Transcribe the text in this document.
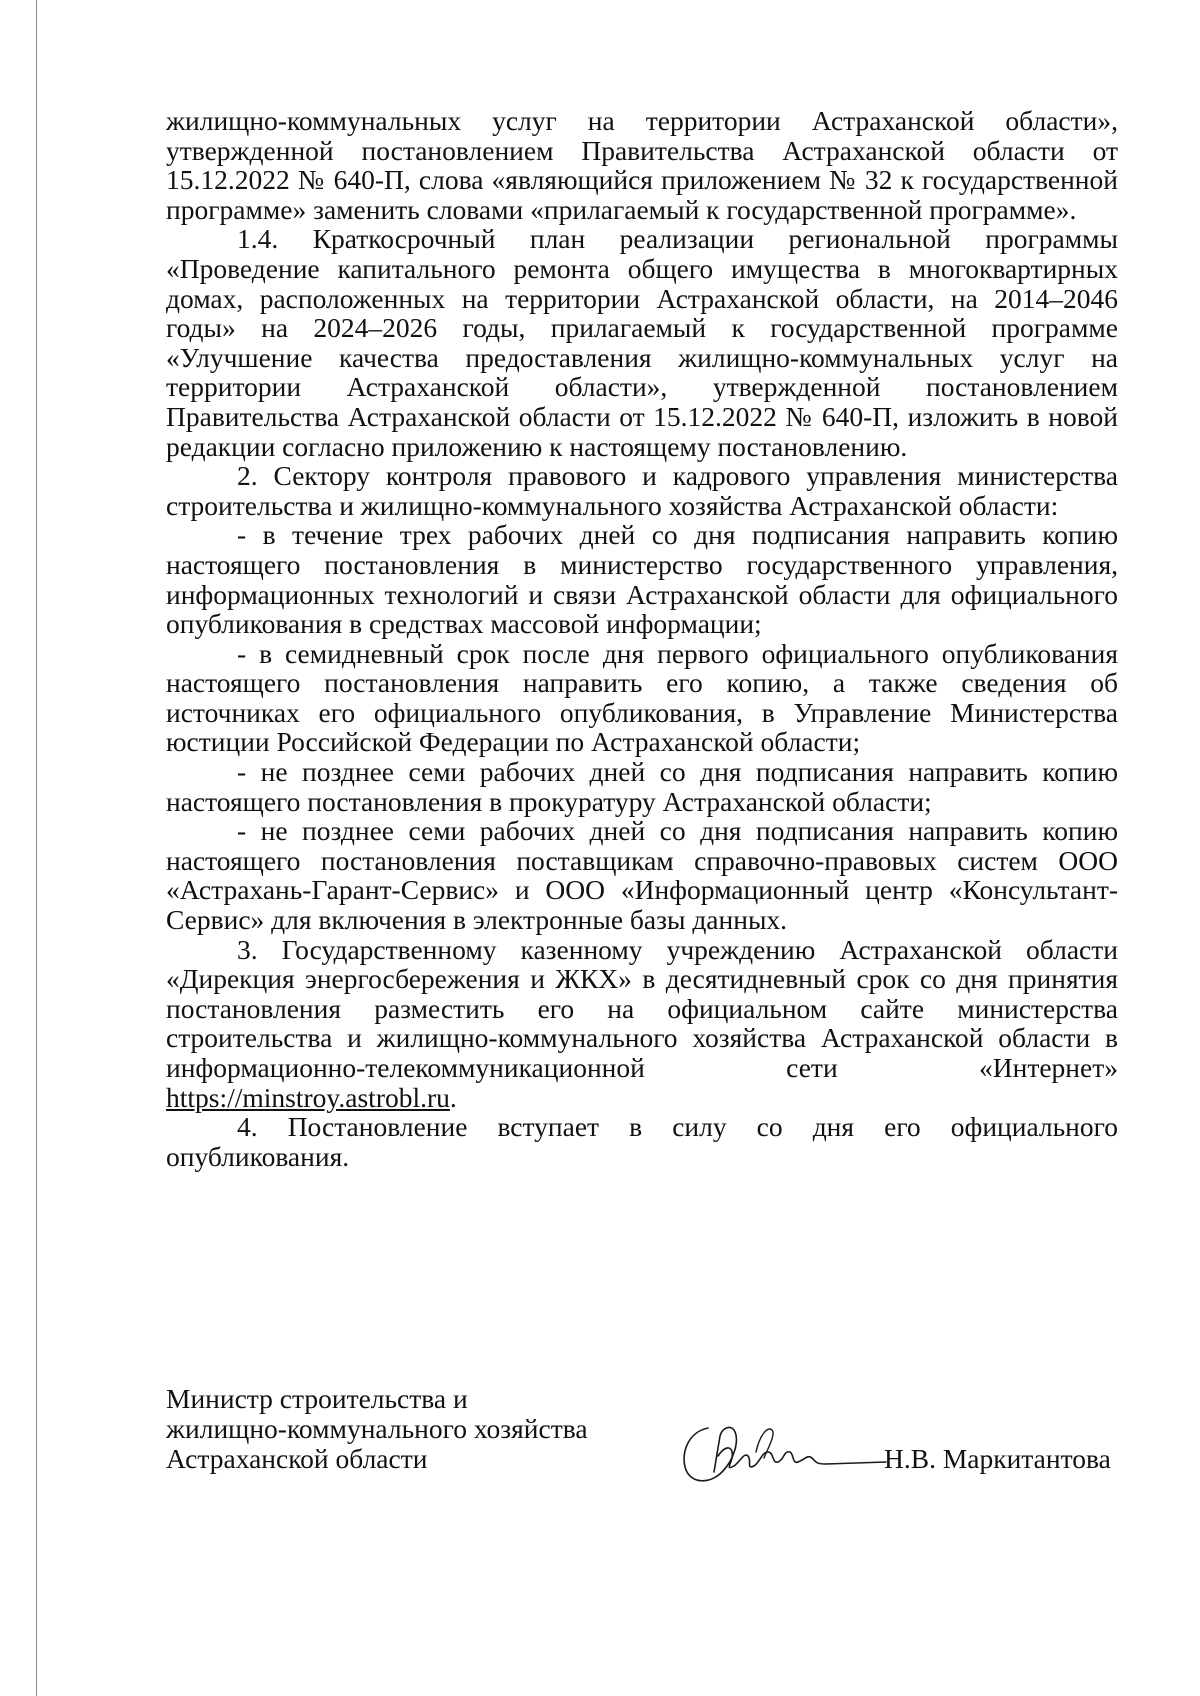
жилищно-коммунальных услуг на территории Астраханской области», утвержденной постановлением Правительства Астраханской области от 15.12.2022 № 640-П, слова «являющийся приложением № 32 к государственной программе» заменить словами «прилагаемый к государственной программе».

1.4. Краткосрочный план реализации региональной программы «Проведение капитального ремонта общего имущества в многоквартирных домах, расположенных на территории Астраханской области, на 2014–2046 годы» на 2024–2026 годы, прилагаемый к государственной программе «Улучшение качества предоставления жилищно-коммунальных услуг на территории Астраханской области», утвержденной постановлением Правительства Астраханской области от 15.12.2022 № 640-П, изложить в новой редакции согласно приложению к настоящему постановлению.

2. Сектору контроля правового и кадрового управления министерства строительства и жилищно-коммунального хозяйства Астраханской области:

- в течение трех рабочих дней со дня подписания направить копию настоящего постановления в министерство государственного управления, информационных технологий и связи Астраханской области для официального опубликования в средствах массовой информации;

- в семидневный срок после дня первого официального опубликования настоящего постановления направить его копию, а также сведения об источниках его официального опубликования, в Управление Министерства юстиции Российской Федерации по Астраханской области;

- не позднее семи рабочих дней со дня подписания направить копию настоящего постановления в прокуратуру Астраханской области;

- не позднее семи рабочих дней со дня подписания направить копию настоящего постановления поставщикам справочно-правовых систем ООО «Астрахань-Гарант-Сервис» и ООО «Информационный центр «Консультант- Сервис» для включения в электронные базы данных.

3. Государственному казенному учреждению Астраханской области «Дирекция энергосбережения и ЖКХ» в десятидневный срок со дня принятия постановления разместить его на официальном сайте министерства строительства и жилищно-коммунального хозяйства Астраханской области в информационно-телекоммуникационной сети «Интернет» https://minstroy.astrobl.ru.

4. Постановление вступает в силу со дня его официального опубликования.

Министр строительства и

жилищно-коммунального хозяйства

Астраханской области	Н.В. Маркитантова
